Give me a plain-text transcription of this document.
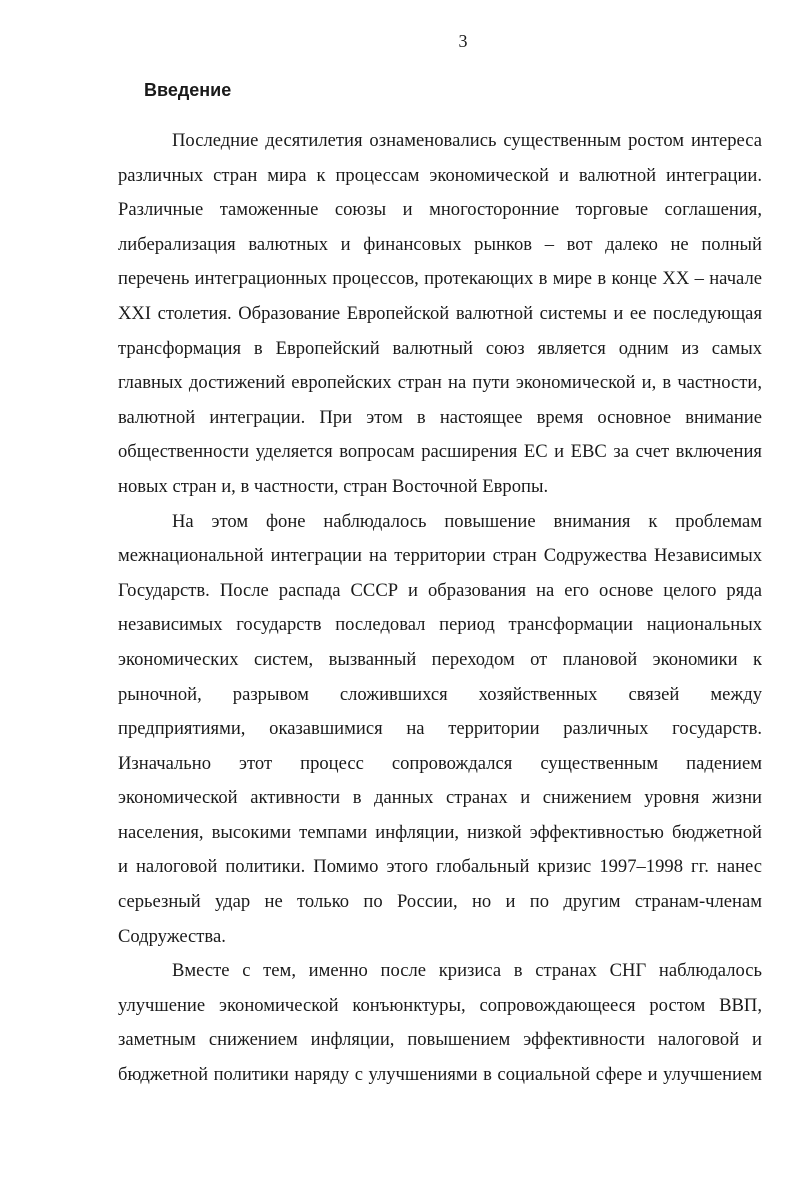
3
Введение
Последние десятилетия ознаменовались существенным ростом интереса
различных стран мира к процессам экономической и валютной интеграции.
Различные таможенные союзы и многосторонние торговые соглашения,
либерализация валютных и финансовых рынков – вот далеко не полный
перечень интеграционных процессов, протекающих в мире в конце XX – начале
XXI столетия. Образование Европейской валютной системы и ее последующая
трансформация в Европейский валютный союз является одним из самых
главных достижений европейских стран на пути экономической и, в частности,
валютной интеграции. При этом в настоящее время основное внимание
общественности уделяется вопросам расширения ЕС и ЕВС за счет включения
новых стран и, в частности, стран Восточной Европы.
На этом фоне наблюдалось повышение внимания к проблемам
межнациональной интеграции на территории стран Содружества Независимых
Государств. После распада СССР и образования на его основе целого ряда
независимых государств последовал период трансформации национальных
экономических систем, вызванный переходом от плановой экономики к
рыночной, разрывом сложившихся хозяйственных связей между
предприятиями, оказавшимися на территории различных государств.
Изначально этот процесс сопровождался существенным падением
экономической активности в данных странах и снижением уровня жизни
населения, высокими темпами инфляции, низкой эффективностью бюджетной
и налоговой политики. Помимо этого глобальный кризис 1997–1998 гг. нанес
серьезный удар не только по России, но и по другим странам-членам
Содружества.
Вместе с тем, именно после кризиса в странах СНГ наблюдалось
улучшение экономической конъюнктуры, сопровождающееся ростом ВВП,
заметным снижением инфляции, повышением эффективности налоговой и
бюджетной политики наряду с улучшениями в социальной сфере и улучшением
